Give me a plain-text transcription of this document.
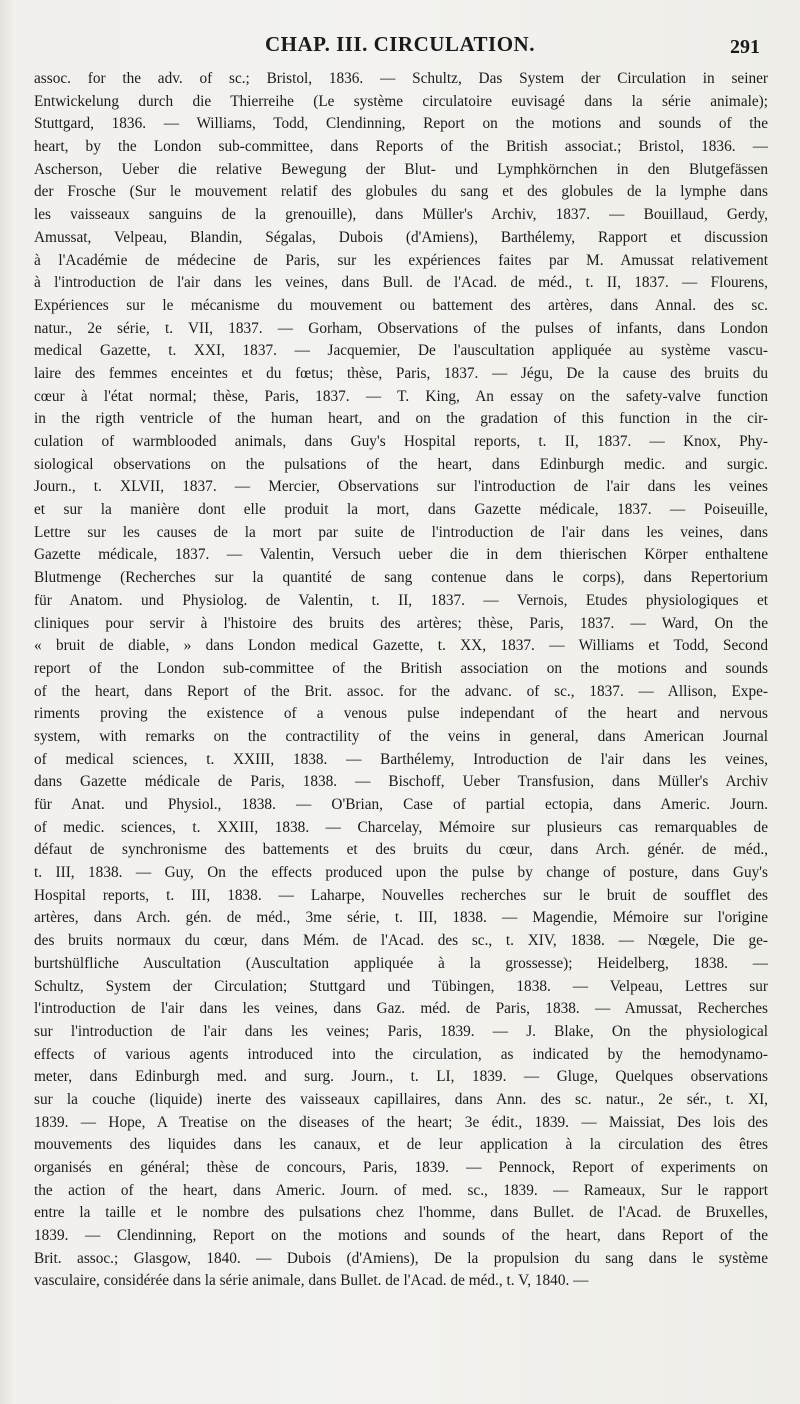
CHAP. III. CIRCULATION.	291
assoc. for the adv. of sc.; Bristol, 1836. — Schultz, Das System der Circulation in seiner
Entwickelung durch die Thierreihe (Le système circulatoire euvisagé dans la série animale);
Stuttgard, 1836. — Williams, Todd, Clendinning, Report on the motions and sounds of the
heart, by the London sub-committee, dans Reports of the British associat.; Bristol, 1836. —
Ascherson, Ueber die relative Bewegung der Blut- und Lymphkörnchen in den Blutgefässen
der Frosche (Sur le mouvement relatif des globules du sang et des globules de la lymphe dans
les vaisseaux sanguins de la grenouille), dans Müller's Archiv, 1837. — Bouillaud, Gerdy,
Amussat, Velpeau, Blandin, Ségalas, Dubois (d'Amiens), Barthélemy, Rapport et discussion
à l'Académie de médecine de Paris, sur les expériences faites par M. Amussat relativement
à l'introduction de l'air dans les veines, dans Bull. de l'Acad. de méd., t. II, 1837. — Flourens,
Expériences sur le mécanisme du mouvement ou battement des artères, dans Annal. des sc.
natur., 2e série, t. VII, 1837. — Gorham, Observations of the pulses of infants, dans London
medical Gazette, t. XXI, 1837. — Jacquemier, De l'auscultation appliquée au système vascu-
laire des femmes enceintes et du fœtus; thèse, Paris, 1837. — Jégu, De la cause des bruits du
cœur à l'état normal; thèse, Paris, 1837. — T. King, An essay on the safety-valve function
in the rigth ventricle of the human heart, and on the gradation of this function in the cir-
culation of warmblooded animals, dans Guy's Hospital reports, t. II, 1837. — Knox, Phy-
siological observations on the pulsations of the heart, dans Edinburgh medic. and surgic.
Journ., t. XLVII, 1837. — Mercier, Observations sur l'introduction de l'air dans les veines
et sur la manière dont elle produit la mort, dans Gazette médicale, 1837. — Poiseuille,
Lettre sur les causes de la mort par suite de l'introduction de l'air dans les veines, dans
Gazette médicale, 1837. — Valentin, Versuch ueber die in dem thierischen Körper enthaltene
Blutmenge (Recherches sur la quantité de sang contenue dans le corps), dans Repertorium
für Anatom. und Physiolog. de Valentin, t. II, 1837. — Vernois, Etudes physiologiques et
cliniques pour servir à l'histoire des bruits des artères; thèse, Paris, 1837. — Ward, On the
« bruit de diable, » dans London medical Gazette, t. XX, 1837. — Williams et Todd, Second
report of the London sub-committee of the British association on the motions and sounds
of the heart, dans Report of the Brit. assoc. for the advanc. of sc., 1837. — Allison, Expe-
riments proving the existence of a venous pulse independant of the heart and nervous
system, with remarks on the contractility of the veins in general, dans American Journal
of medical sciences, t. XXIII, 1838. — Barthélemy, Introduction de l'air dans les veines,
dans Gazette médicale de Paris, 1838. — Bischoff, Ueber Transfusion, dans Müller's Archiv
für Anat. und Physiol., 1838. — O'Brian, Case of partial ectopia, dans Americ. Journ.
of medic. sciences, t. XXIII, 1838. — Charcelay, Mémoire sur plusieurs cas remarquables de
défaut de synchronisme des battements et des bruits du cœur, dans Arch. génér. de méd.,
t. III, 1838. — Guy, On the effects produced upon the pulse by change of posture, dans Guy's
Hospital reports, t. III, 1838. — Laharpe, Nouvelles recherches sur le bruit de soufflet des
artères, dans Arch. gén. de méd., 3me série, t. III, 1838. — Magendie, Mémoire sur l'origine
des bruits normaux du cœur, dans Mém. de l'Acad. des sc., t. XIV, 1838. — Nœgele, Die ge-
burtshülfliche Auscultation (Auscultation appliquée à la grossesse); Heidelberg, 1838. —
Schultz, System der Circulation; Stuttgard und Tübingen, 1838. — Velpeau, Lettres sur
l'introduction de l'air dans les veines, dans Gaz. méd. de Paris, 1838. — Amussat, Recherches
sur l'introduction de l'air dans les veines; Paris, 1839. — J. Blake, On the physiological
effects of various agents introduced into the circulation, as indicated by the hemodynamo-
meter, dans Edinburgh med. and surg. Journ., t. LI, 1839. — Gluge, Quelques observations
sur la couche (liquide) inerte des vaisseaux capillaires, dans Ann. des sc. natur., 2e sér., t. XI,
1839. — Hope, A Treatise on the diseases of the heart; 3e édit., 1839. — Maissiat, Des lois des
mouvements des liquides dans les canaux, et de leur application à la circulation des êtres
organisés en général; thèse de concours, Paris, 1839. — Pennock, Report of experiments on
the action of the heart, dans Americ. Journ. of med. sc., 1839. — Rameaux, Sur le rapport
entre la taille et le nombre des pulsations chez l'homme, dans Bullet. de l'Acad. de Bruxelles,
1839. — Clendinning, Report on the motions and sounds of the heart, dans Report of the
Brit. assoc.; Glasgow, 1840. — Dubois (d'Amiens), De la propulsion du sang dans le système
vasculaire, considérée dans la série animale, dans Bullet. de l'Acad. de méd., t. V, 1840. —
